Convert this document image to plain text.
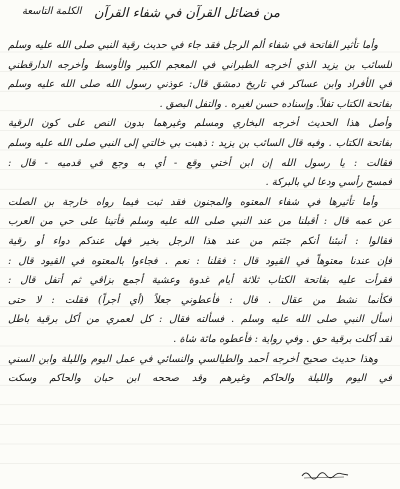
من فضائل القرآن في شفاء القرآن
الكلمة التاسعة
وأما تأثير الفاتحة في شفاء ألم الرجل فقد جاء في حديث رقية النبي صلى الله عليه وسلم
للسائب بن يزيد الذي أخرجه الطبراني في المعجم الكبير والأوسط وأخرجه الدارقطني
في الأفراد وابن عساكر في تاريخ دمشق قال: عوذني رسول الله صلى الله عليه وسلم
بفاتحة الكتاب تفلاً. وإسناده حسن لغيره . والتفل البصق .
وأصل هذا الحديث أخرجه البخاري ومسلم وغيرهما بدون النص على كون الرقية
بفاتحة الكتاب . وفيه قال السائب بن يزيد : ذهبت بي خالتي إلى النبي صلى الله عليه وسلم
فقالت : يا رسول الله إن ابن أختي وقع - أي به وجع في قدميه - قال :
فمسح رأسي ودعا لي بالبركة .
وأما تأثيرها في شفاء المعتوه والمجنون فقد ثبت فيما رواه خارجة بن الصلت
عن عمه قال : أقبلنا من عند النبي صلى الله عليه وسلم فأتينا على حي من العرب
فقالوا : أنبئنا أنكم جئتم من عند هذا الرجل بخير فهل عندكم دواء أو رقية
فإن عندنا معتوهاً في القيود قال : فقلنا : نعم . فجاءوا بالمعتوه في القيود قال :
فقرأت عليه بفاتحة الكتاب ثلاثة أيام غدوة وعشية أجمع بزاقي ثم أتفل قال :
فكأنما نشط من عقال . قال : فأعطوني جعلاً (أي أجراً) فقلت : لا حتى
أسأل النبي صلى الله عليه وسلم . فسألته فقال : كل لعمري من أكل برقية باطل
لقد أكلت برقية حق . وفي رواية : فأعطوه مائة شاة .
وهذا حديث صحيح أخرجه أحمد والطيالسي والنسائي في عمل اليوم والليلة وابن السني
في اليوم والليلة والحاكم وغيرهم وقد صححه ابن حبان والحاكم وسكت
